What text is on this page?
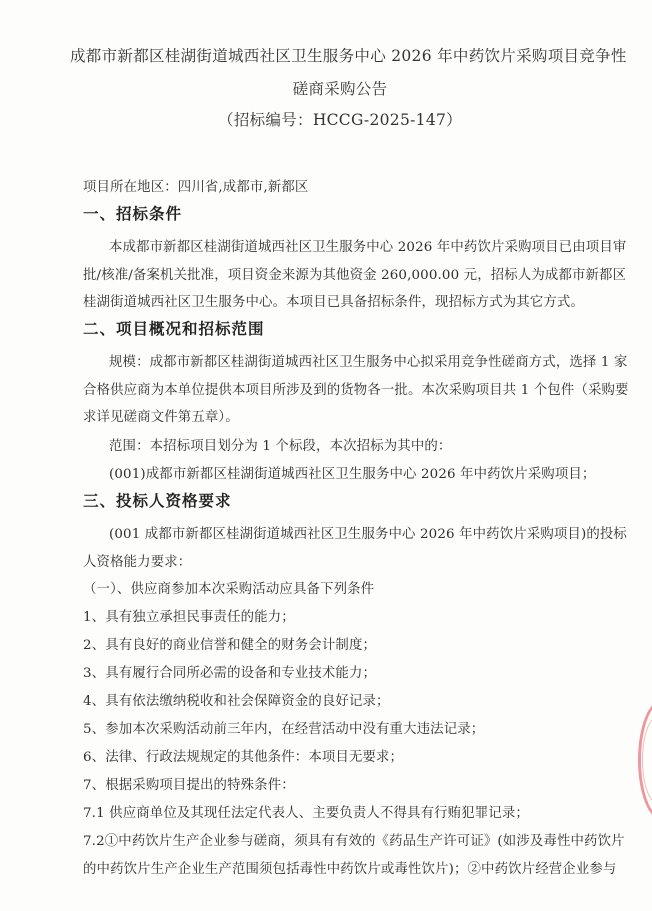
成都市新都区桂湖街道城西社区卫生服务中心 2026 年中药饮片采购项目竞争性
磋商采购公告
（招标编号：HCCG-2025-147）
项目所在地区：四川省,成都市,新都区
一、招标条件
本成都市新都区桂湖街道城西社区卫生服务中心 2026 年中药饮片采购项目已由项目审
批/核准/备案机关批准，项目资金来源为其他资金 260,000.00 元，招标人为成都市新都区
桂湖街道城西社区卫生服务中心。本项目已具备招标条件，现招标方式为其它方式。
二、项目概况和招标范围
规模：成都市新都区桂湖街道城西社区卫生服务中心拟采用竞争性磋商方式，选择 1 家
合格供应商为本单位提供本项目所涉及到的货物各一批。本次采购项目共 1 个包件（采购要
求详见磋商文件第五章）。
范围：本招标项目划分为 1 个标段，本次招标为其中的：
(001)成都市新都区桂湖街道城西社区卫生服务中心 2026 年中药饮片采购项目；
三、投标人资格要求
(001 成都市新都区桂湖街道城西社区卫生服务中心 2026 年中药饮片采购项目)的投标
人资格能力要求：
（一）、供应商参加本次采购活动应具备下列条件
1、具有独立承担民事责任的能力；
2、具有良好的商业信誉和健全的财务会计制度；
3、具有履行合同所必需的设备和专业技术能力；
4、具有依法缴纳税收和社会保障资金的良好记录；
5、参加本次采购活动前三年内，在经营活动中没有重大违法记录；
6、法律、行政法规规定的其他条件：本项目无要求；
7、根据采购项目提出的特殊条件：
7.1 供应商单位及其现任法定代表人、主要负责人不得具有行贿犯罪记录；
7.2①中药饮片生产企业参与磋商，须具有有效的《药品生产许可证》(如涉及毒性中药饮片
的中药饮片生产企业生产范围须包括毒性中药饮片或毒性饮片)；②中药饮片经营企业参与
